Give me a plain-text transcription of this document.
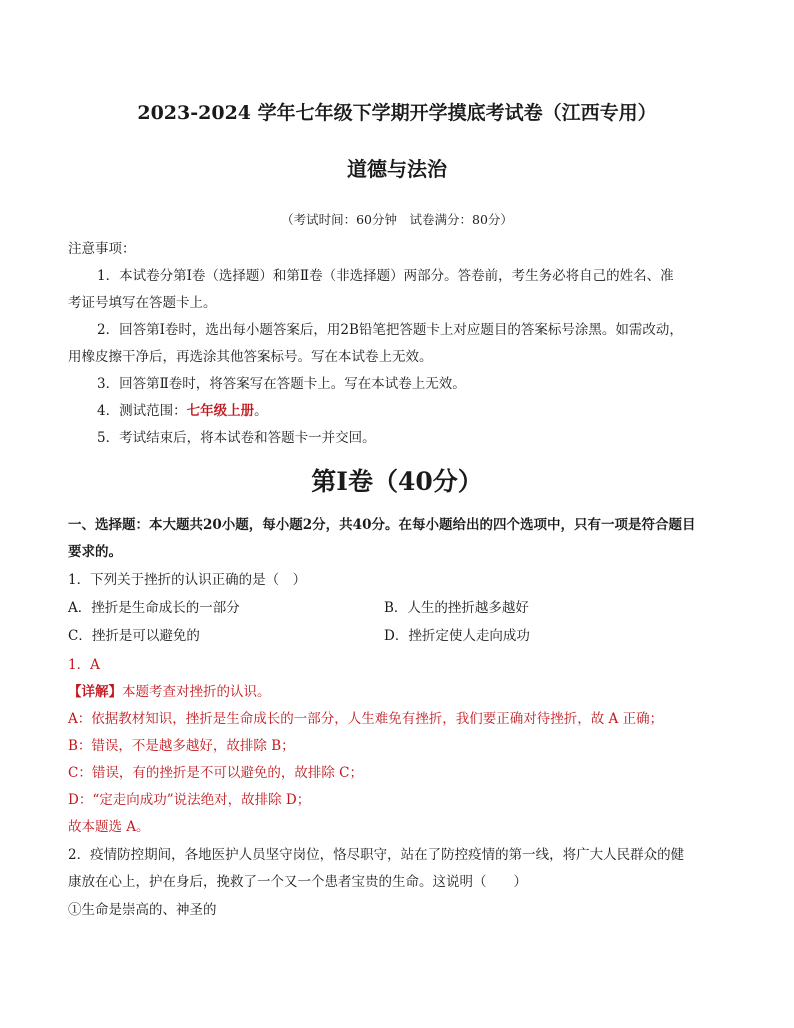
2023-2024 学年七年级下学期开学摸底考试卷（江西专用）
道德与法治
（考试时间：60分钟　试卷满分：80分）
注意事项：
1．本试卷分第Ⅰ卷（选择题）和第Ⅱ卷（非选择题）两部分。答卷前，考生务必将自己的姓名、准
考证号填写在答题卡上。
2．回答第Ⅰ卷时，选出每小题答案后，用2B铅笔把答题卡上对应题目的答案标号涂黑。如需改动，
用橡皮擦干净后，再选涂其他答案标号。写在本试卷上无效。
3．回答第Ⅱ卷时，将答案写在答题卡上。写在本试卷上无效。
4．测试范围：七年级上册。
5．考试结束后，将本试卷和答题卡一并交回。
第Ⅰ卷（40分）
一、选择题：本大题共20小题，每小题2分，共40分。在每小题给出的四个选项中，只有一项是符合题目
要求的。
1．下列关于挫折的认识正确的是（　）
A．挫折是生命成长的一部分	B．人生的挫折越多越好
C．挫折是可以避免的	D．挫折定使人走向成功
1．A
【详解】本题考查对挫折的认识。
A：依据教材知识，挫折是生命成长的一部分，人生难免有挫折，我们要正确对待挫折，故 A 正确；
B：错误，不是越多越好，故排除 B；
C：错误，有的挫折是不可以避免的，故排除 C；
D：“定走向成功”说法绝对，故排除 D；
故本题选 A。
2．疫情防控期间，各地医护人员坚守岗位，恪尽职守，站在了防控疫情的第一线，将广大人民群众的健
康放在心上，护在身后，挽救了一个又一个患者宝贵的生命。这说明（　　）
①生命是崇高的、神圣的
